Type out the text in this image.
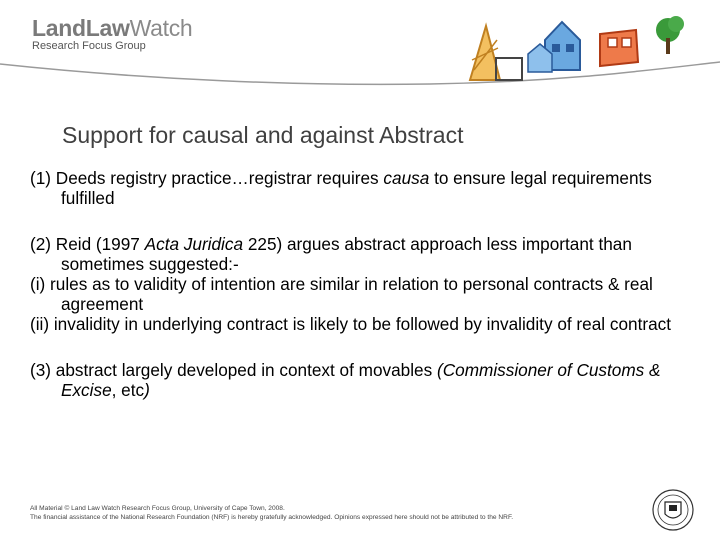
LandLawWatch
Research Focus Group
Support for causal and against Abstract

(1) Deeds registry practice…registrar requires causa to ensure legal requirements fulfilled

(2) Reid (1997 Acta Juridica 225) argues abstract approach less important than sometimes suggested:-

(i) rules as to validity of intention are similar in relation to personal contracts & real agreement

(ii) invalidity in underlying contract is likely to be followed by invalidity of real contract

(3) abstract largely developed in context of movables (Commissioner of Customs & Excise, etc)

All Material © Land Law Watch Research Focus Group, University of Cape Town, 2008.
The financial assistance of the National Research Foundation (NRF) is hereby gratefully acknowledged. Opinions expressed here should not be attributed to the NRF.
